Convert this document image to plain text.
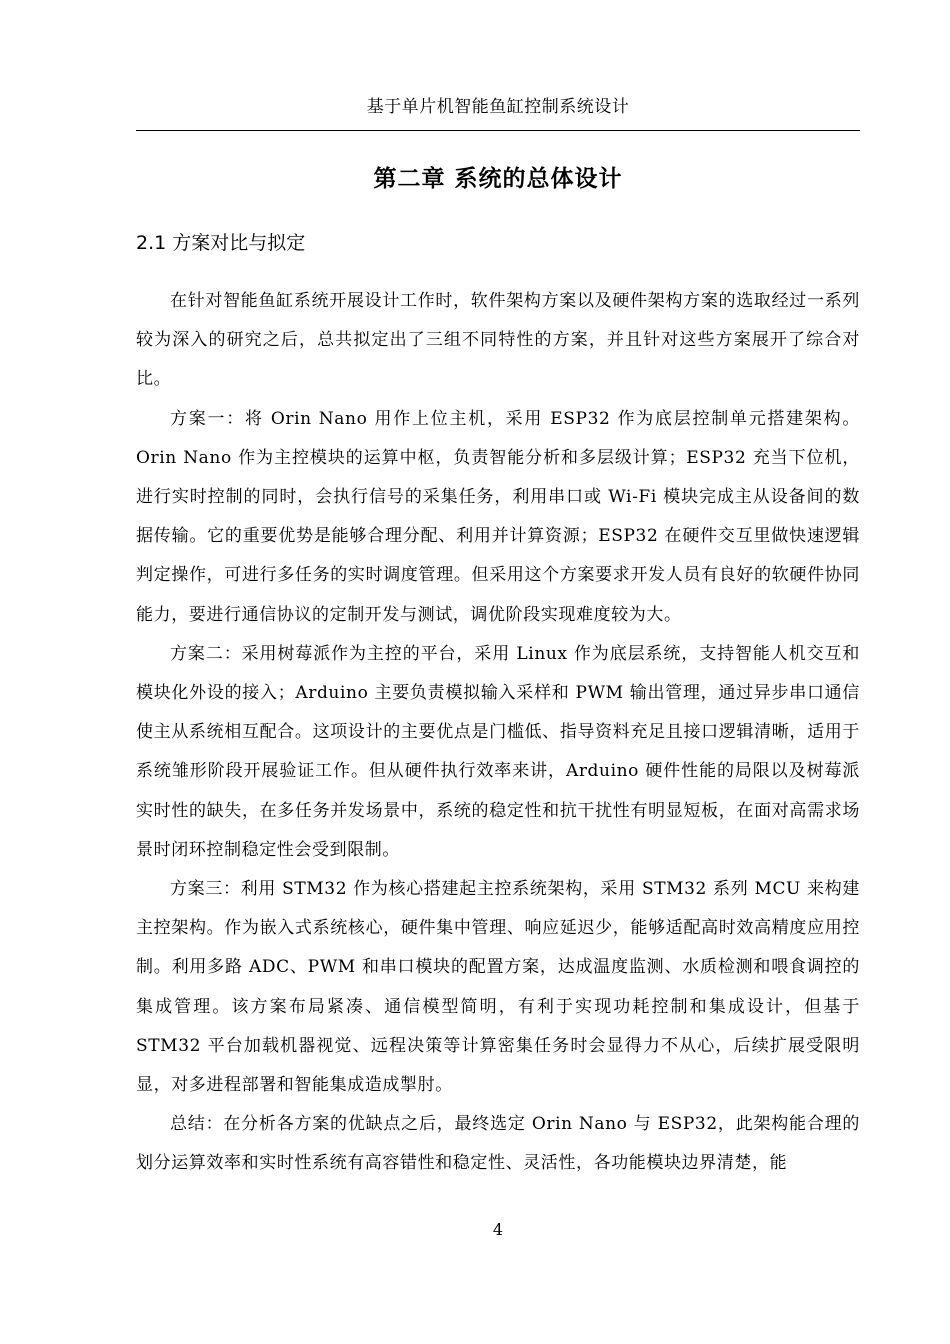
基于单片机智能鱼缸控制系统设计
第二章 系统的总体设计
2.1 方案对比与拟定

在针对智能鱼缸系统开展设计工作时，软件架构方案以及硬件架构方案的选取经过一系列较为深入的研究之后，总共拟定出了三组不同特性的方案，并且针对这些方案展开了综合对比。

方案一：将 Orin Nano 用作上位主机，采用 ESP32 作为底层控制单元搭建架构。Orin Nano 作为主控模块的运算中枢，负责智能分析和多层级计算；ESP32 充当下位机，进行实时控制的同时，会执行信号的采集任务，利用串口或 Wi-Fi 模块完成主从设备间的数据传输。它的重要优势是能够合理分配、利用并计算资源；ESP32 在硬件交互里做快速逻辑判定操作，可进行多任务的实时调度管理。但采用这个方案要求开发人员有良好的软硬件协同能力，要进行通信协议的定制开发与测试，调优阶段实现难度较为大。

方案二：采用树莓派作为主控的平台，采用 Linux 作为底层系统，支持智能人机交互和模块化外设的接入；Arduino 主要负责模拟输入采样和 PWM 输出管理，通过异步串口通信使主从系统相互配合。这项设计的主要优点是门槛低、指导资料充足且接口逻辑清晰，适用于系统雏形阶段开展验证工作。但从硬件执行效率来讲，Arduino 硬件性能的局限以及树莓派实时性的缺失，在多任务并发场景中，系统的稳定性和抗干扰性有明显短板，在面对高需求场景时闭环控制稳定性会受到限制。

方案三：利用 STM32 作为核心搭建起主控系统架构，采用 STM32 系列 MCU 来构建主控架构。作为嵌入式系统核心，硬件集中管理、响应延迟少，能够适配高时效高精度应用控制。利用多路 ADC、PWM 和串口模块的配置方案，达成温度监测、水质检测和喂食调控的集成管理。该方案布局紧凑、通信模型简明，有利于实现功耗控制和集成设计，但基于 STM32 平台加载机器视觉、远程决策等计算密集任务时会显得力不从心，后续扩展受限明显，对多进程部署和智能集成造成掣肘。

总结：在分析各方案的优缺点之后，最终选定 Orin Nano 与 ESP32，此架构能合理的划分运算效率和实时性系统有高容错性和稳定性、灵活性，各功能模块边界清楚，能

4
